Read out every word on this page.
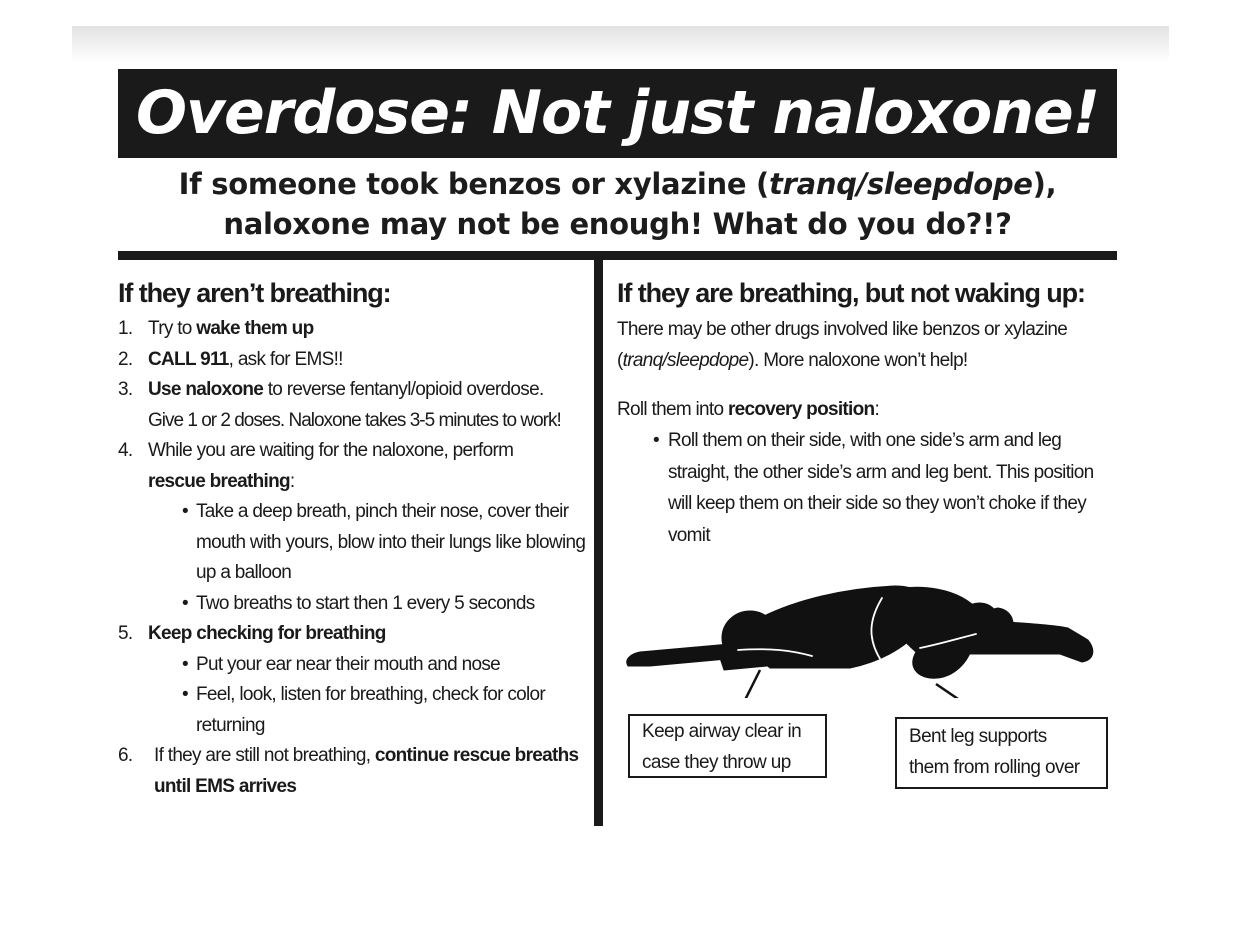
Overdose: Not just naloxone!
If someone took benzos or xylazine (tranq/sleepdope),
naloxone may not be enough! What do you do?!?
If they aren’t breathing:
1. Try to wake them up
2. CALL 911, ask for EMS!!
3. Use naloxone to reverse fentanyl/opioid overdose.
Give 1 or 2 doses. Naloxone takes 3-5 minutes to work!
4. While you are waiting for the naloxone, perform
rescue breathing:
• Take a deep breath, pinch their nose, cover their mouth with yours, blow into their lungs like blowing up a balloon
• Two breaths to start then 1 every 5 seconds
5. Keep checking for breathing
• Put your ear near their mouth and nose
• Feel, look, listen for breathing, check for color returning
6. If they are still not breathing, continue rescue breaths until EMS arrives
If they are breathing, but not waking up:

There may be other drugs involved like benzos or xylazine (tranq/sleepdope). More naloxone won’t help!

Roll them into recovery position:

• Roll them on their side, with one side’s arm and leg straight, the other side’s arm and leg bent. This position will keep them on their side so they won’t choke if they vomit
Keep airway clear in
case they throw up
Bent leg supports
them from rolling over
